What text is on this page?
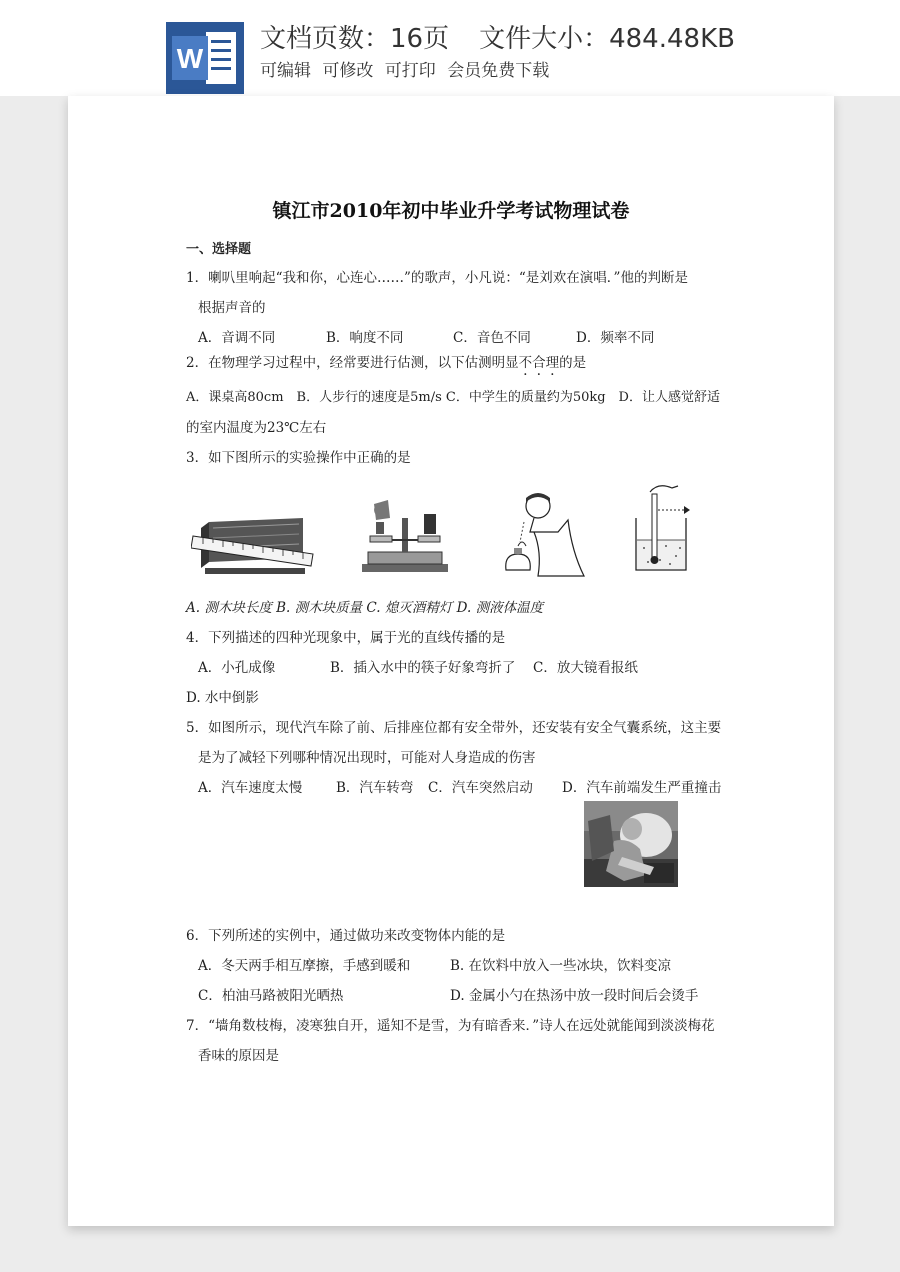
W
文档页数：16页 文件大小：484.48KB
可编辑 可修改 可打印 会员免费下载
镇江市2010年初中毕业升学考试物理试卷
一、选择题
1．喇叭里响起“我和你，心连心……”的歌声，小凡说：“是刘欢在演唱．”他的判断是
根据声音的
A．音调不同	B．响度不同	C．音色不同	D．频率不同
2．在物理学习过程中，经常要进行估测，以下估测明显不合理的是
A．课桌高80cm　B．人步行的速度是5m/s C．中学生的质量约为50kg　D．让人感觉舒适
的室内温度为23℃左右
3．如下图所示的实验操作中正确的是
A. 测木块长度 B. 测木块质量 C. 熄灭酒精灯 D. 测液体温度
4．下列描述的四种光现象中，属于光的直线传播的是
A．小孔成像	B．插入水中的筷子好象弯折了 C．放大镜看报纸
D. 水中倒影
5．如图所示，现代汽车除了前、后排座位都有安全带外，还安装有安全气囊系统，这主要
是为了减轻下列哪种情况出现时，可能对人身造成的伤害
A．汽车速度太慢	B．汽车转弯 C．汽车突然启动 D．汽车前端发生严重撞击
6．下列所述的实例中，通过做功来改变物体内能的是
A．冬天两手相互摩擦，手感到暖和	B. 在饮料中放入一些冰块，饮料变凉
C．柏油马路被阳光晒热	D. 金属小勺在热汤中放一段时间后会烫手
7．“墙角数枝梅，凌寒独自开，遥知不是雪，为有暗香来．”诗人在远处就能闻到淡淡梅花
香味的原因是
